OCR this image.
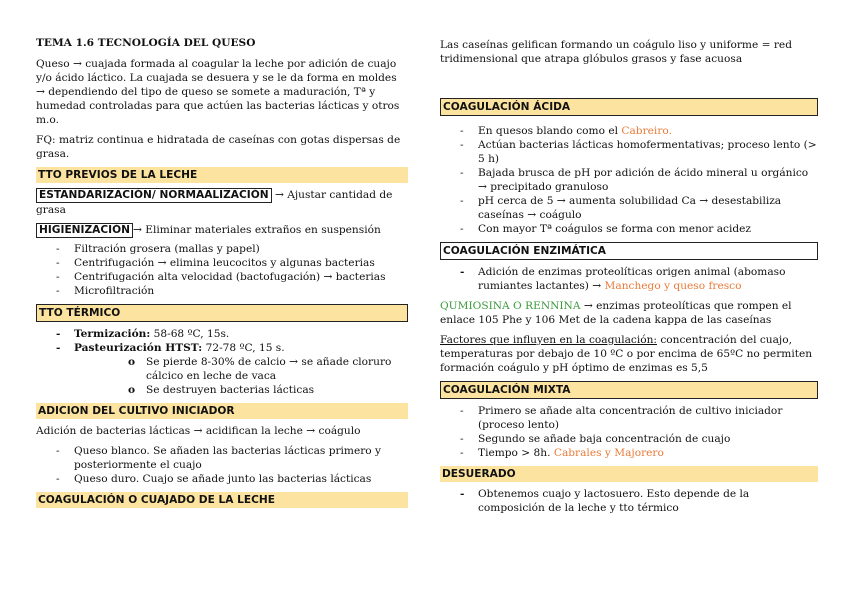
TEMA 1.6 TECNOLOGÍA DEL QUESO

Queso → cuajada formada al coagular la leche por adición de cuajo y/o ácido láctico. La cuajada se desuera y se le da forma en moldes → dependiendo del tipo de queso se somete a maduración, Tª y humedad controladas para que actúen las bacterias lácticas y otros m.o.

FQ: matriz continua e hidratada de caseínas con gotas dispersas de grasa.

TTO PREVIOS DE LA LECHE

ESTANDARIZACIÓN/ NORMAALIZACIÓN → Ajustar cantidad de grasa

HIGIENIZACIÓN → Eliminar materiales extraños en suspensión

- Filtración grosera (mallas y papel)
- Centrifugación → elimina leucocitos y algunas bacterias
- Centrifugación alta velocidad (bactofugación) → bacterias
- Microfiltración
TTO TÉRMICO
- Termización: 58-68 ºC, 15s.
- Pasteurización HTST: 72-78 ºC, 15 s.
o Se pierde 8-30% de calcio → se añade cloruro cálcico en leche de vaca
o Se destruyen bacterias lácticas
ADICION DEL CULTIVO INICIADOR

Adición de bacterias lácticas → acidifican la leche → coágulo

- Queso blanco. Se añaden las bacterias lácticas primero y posteriormente el cuajo
- Queso duro. Cuajo se añade junto las bacterias lácticas
COAGULACIÓN O CUAJADO DE LA LECHE

Las caseínas gelifican formando un coágulo liso y uniforme = red tridimensional que atrapa glóbulos grasos y fase acuosa

COAGULACIÓN ÁCIDA
- En quesos blando como el Cabreiro.
- Actúan bacterias lácticas homofermentativas; proceso lento (> 5 h)
- Bajada brusca de pH por adición de ácido mineral u orgánico → precipitado granuloso
- pH cerca de 5 → aumenta solubilidad Ca → desestabiliza caseínas → coágulo
- Con mayor Tª coágulos se forma con menor acidez
COAGULACIÓN ENZIMÁTICA
- Adición de enzimas proteolíticas origen animal (abomaso rumiantes lactantes) → Manchego y queso fresco

QUMIOSINA O RENNINA → enzimas proteolíticas que rompen el enlace 105 Phe y 106 Met de la cadena kappa de las caseínas

Factores que influyen en la coagulación: concentración del cuajo, temperaturas por debajo de 10 ºC o por encima de 65ºC no permiten formación coágulo y pH óptimo de enzimas es 5,5

COAGULACIÓN MIXTA
- Primero se añade alta concentración de cultivo iniciador (proceso lento)
- Segundo se añade baja concentración de cuajo
- Tiempo > 8h. Cabrales y Majorero
DESUERADO
- Obtenemos cuajo y lactosuero. Esto depende de la composición de la leche y tto térmico
